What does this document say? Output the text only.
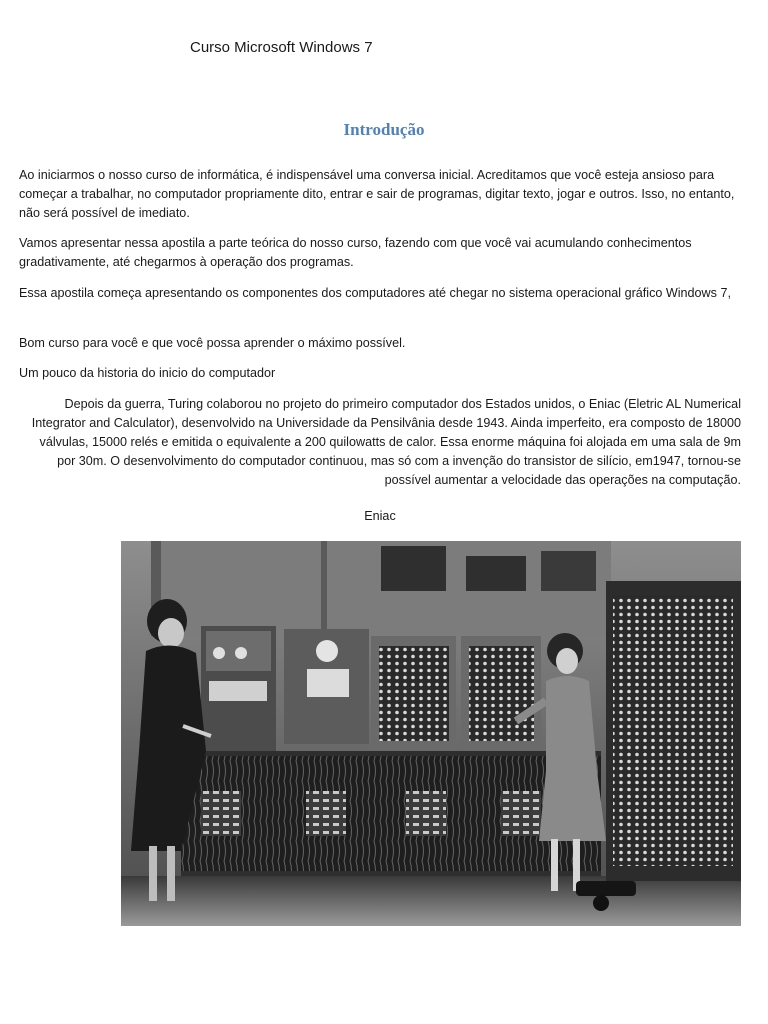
Curso Microsoft Windows 7
Introdução

Ao iniciarmos o nosso curso de informática, é indispensável uma conversa inicial. Acreditamos que você esteja ansioso para começar a trabalhar, no computador propriamente dito, entrar e sair de programas, digitar texto, jogar e outros. Isso, no entanto, não será possível de imediato.

Vamos apresentar nessa apostila a parte teórica do nosso curso, fazendo com que você vai acumulando conhecimentos gradativamente, até chegarmos à operação dos programas.

Essa apostila começa apresentando os componentes dos computadores até chegar no sistema operacional gráfico Windows 7,

Bom curso para você e que você possa aprender o máximo possível.

Um pouco da historia do inicio do computador

Depois da guerra, Turing colaborou no projeto do primeiro computador dos Estados unidos, o Eniac (Eletric AL Numerical Integrator and Calculator), desenvolvido na Universidade da Pensilvânia desde 1943. Ainda imperfeito, era composto de 18000 válvulas, 15000 relés e emitida o equivalente a 200 quilowatts de calor. Essa enorme máquina foi alojada em uma sala de 9m por 30m. O desenvolvimento do computador continuou, mas só com a invenção do transistor de silício, em1947, tornou-se possível aumentar a velocidade das operações na computação.

Eniac
